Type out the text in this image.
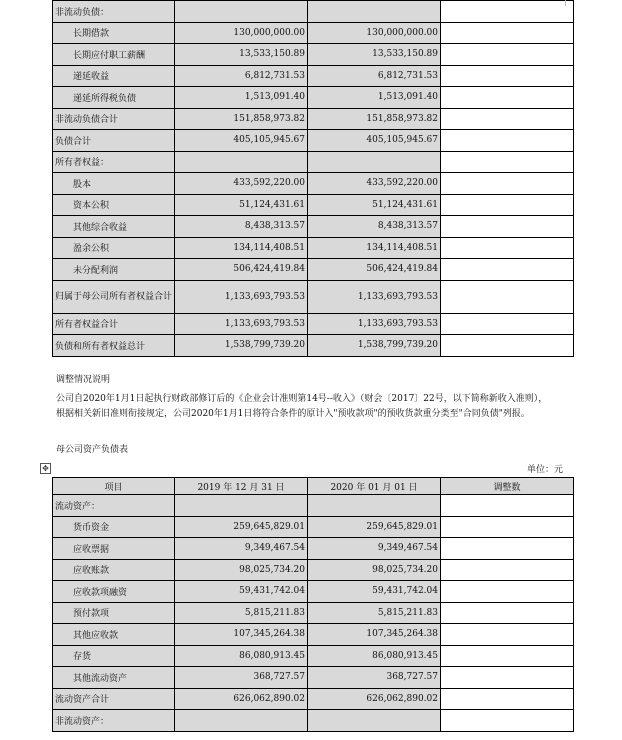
非流动负债：			
长期借款	130,000,000.00	130,000,000.00	
长期应付职工薪酬	13,533,150.89	13,533,150.89	
递延收益	6,812,731.53	6,812,731.53	
递延所得税负债	1,513,091.40	1,513,091.40	
非流动负债合计	151,858,973.82	151,858,973.82	
负债合计	405,105,945.67	405,105,945.67	
所有者权益：			
股本	433,592,220.00	433,592,220.00	
资本公积	51,124,431.61	51,124,431.61	
其他综合收益	8,438,313.57	8,438,313.57	
盈余公积	134,114,408.51	134,114,408.51	
未分配利润	506,424,419.84	506,424,419.84	
归属于母公司所有者权益合计	1,133,693,793.53	1,133,693,793.53	
所有者权益合计	1,133,693,793.53	1,133,693,793.53	
负债和所有者权益总计	1,538,799,739.20	1,538,799,739.20	
调整情况说明
公司自2020年1月1日起执行财政部修订后的《企业会计准则第14号--收入》（财会〔2017〕22号，以下简称新收入准则），
根据相关新旧准则衔接规定，公司2020年1月1日将符合条件的原计入"预收款项"的预收货款重分类至"合同负债"列报。
母公司资产负债表
单位：元
✥
项目	2019 年 12 月 31 日	2020 年 01 月 01 日	调整数
流动资产：			
货币资金	259,645,829.01	259,645,829.01	
应收票据	9,349,467.54	9,349,467.54	
应收账款	98,025,734.20	98,025,734.20	
应收款项融资	59,431,742.04	59,431,742.04	
预付款项	5,815,211.83	5,815,211.83	
其他应收款	107,345,264.38	107,345,264.38	
存货	86,080,913.45	86,080,913.45	
其他流动资产	368,727.57	368,727.57	
流动资产合计	626,062,890.02	626,062,890.02	
非流动资产：			
